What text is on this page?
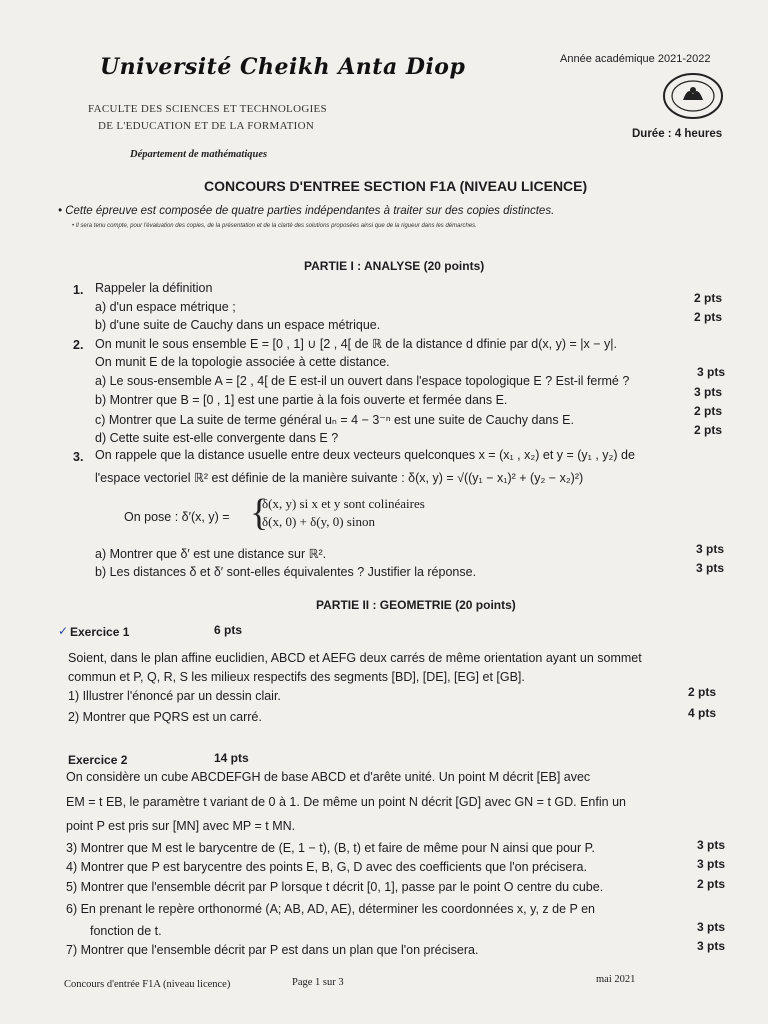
Université Cheikh Anta Diop
FACULTE DES SCIENCES ET TECHNOLOGIES
DE L'EDUCATION ET DE LA FORMATION
Département de mathématiques
Année académique 2021-2022
Durée : 4 heures
CONCOURS D'ENTREE SECTION F1A (NIVEAU LICENCE)
• Cette épreuve est composée de quatre parties indépendantes à traiter sur des copies distinctes.
• Il sera tenu compte, pour l'évaluation des copies, de la présentation et de la clarté des solutions proposées ainsi que de la rigueur dans les démarches.
PARTIE I : ANALYSE (20 points)
1. Rappeler la définition
a) d'un espace métrique ;
b) d'une suite de Cauchy dans un espace métrique.
2 pts
2 pts
2. On munit le sous ensemble E = [0 , 1] ∪ [2 , 4[ de ℝ de la distance d dfinie par d(x, y) = |x − y|.
On munit E de la topologie associée à cette distance.
a) Le sous-ensemble A = [2 , 4[ de E est-il un ouvert dans l'espace topologique E ? Est-il fermé ?
b) Montrer que B = [0 , 1] est une partie à la fois ouverte et fermée dans E.
c) Montrer que La suite de terme général uₙ = 4 − 3⁻ⁿ est une suite de Cauchy dans E.
d) Cette suite est-elle convergente dans E ?
3 pts
3 pts
2 pts
2 pts
3. On rappele que la distance usuelle entre deux vecteurs quelconques x = (x₁ , x₂) et y = (y₁ , y₂) de
l'espace vectoriel ℝ² est définie de la manière suivante : δ(x, y) = √((y₁ − x₁)² + (y₂ − x₂)²)
On pose : δ′(x, y) = {
δ(x, y) si x et y sont colinéaires
δ(x, 0) + δ(y, 0) sinon
a) Montrer que δ′ est une distance sur ℝ².
b) Les distances δ et δ′ sont-elles équivalentes ? Justifier la réponse.
3 pts
3 pts
PARTIE II : GEOMETRIE (20 points)
✓ Exercice 1	6 pts
Soient, dans le plan affine euclidien, ABCD et AEFG deux carrés de même orientation ayant un sommet
commun et P, Q, R, S les milieux respectifs des segments [BD], [DE], [EG] et [GB].
1) Illustrer l'énoncé par un dessin clair.
2) Montrer que PQRS est un carré.
2 pts
4 pts
Exercice 2	14 pts
On considère un cube ABCDEFGH de base ABCD et d'arête unité. Un point M décrit [EB] avec
EM = t EB, le paramètre t variant de 0 à 1. De même un point N décrit [GD] avec GN = t GD. Enfin un
point P est pris sur [MN] avec MP = t MN.
3) Montrer que M est le barycentre de (E, 1 − t), (B, t) et faire de même pour N ainsi que pour P.
4) Montrer que P est barycentre des points E, B, G, D avec des coefficients que l'on précisera.
5) Montrer que l'ensemble décrit par P lorsque t décrit [0, 1], passe par le point O centre du cube.
6) En prenant le repère orthonormé (A; AB, AD, AE), déterminer les coordonnées x, y, z de P en
fonction de t.
7) Montrer que l'ensemble décrit par P est dans un plan que l'on précisera.
3 pts
3 pts
2 pts
3 pts
3 pts
Concours d'entrée F1A (niveau licence)	Page 1 sur 3	mai 2021
